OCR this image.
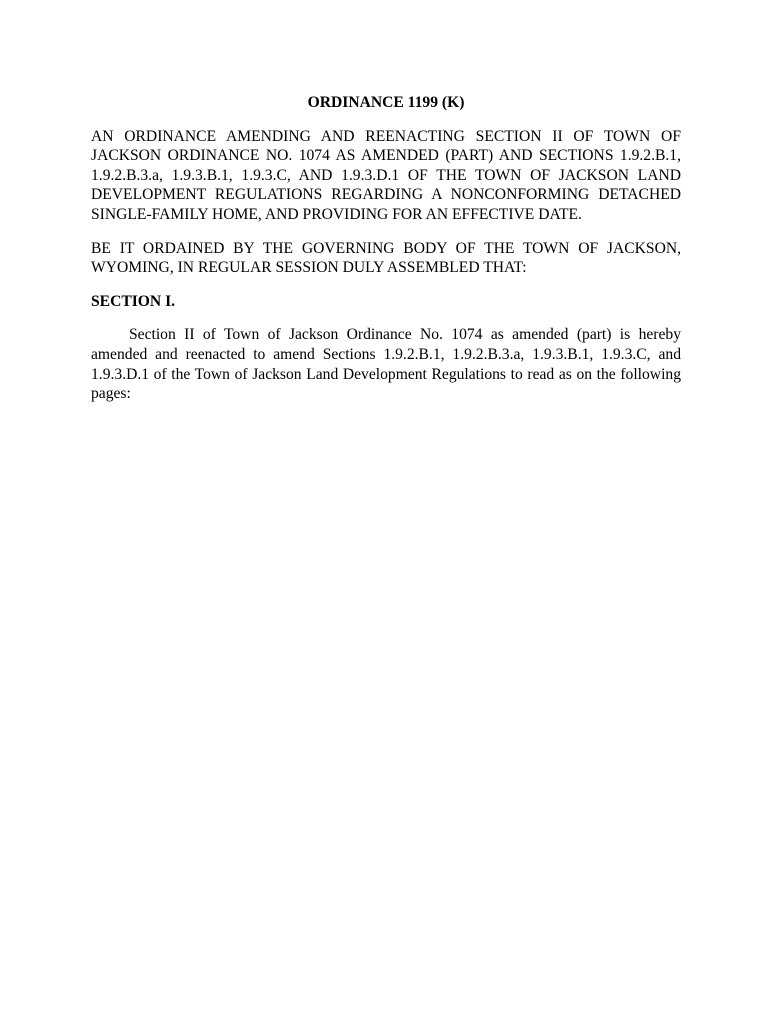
ORDINANCE 1199 (K)
AN ORDINANCE AMENDING AND REENACTING SECTION II OF TOWN OF JACKSON ORDINANCE NO. 1074 AS AMENDED (PART) AND SECTIONS 1.9.2.B.1, 1.9.2.B.3.a, 1.9.3.B.1, 1.9.3.C, AND 1.9.3.D.1 OF THE TOWN OF JACKSON LAND DEVELOPMENT REGULATIONS REGARDING A NONCONFORMING DETACHED SINGLE-FAMILY HOME, AND PROVIDING FOR AN EFFECTIVE DATE.
BE IT ORDAINED BY THE GOVERNING BODY OF THE TOWN OF JACKSON, WYOMING, IN REGULAR SESSION DULY ASSEMBLED THAT:
SECTION I.
Section II of Town of Jackson Ordinance No. 1074 as amended (part) is hereby amended and reenacted to amend Sections 1.9.2.B.1, 1.9.2.B.3.a, 1.9.3.B.1, 1.9.3.C, and 1.9.3.D.1 of the Town of Jackson Land Development Regulations to read as on the following pages:
